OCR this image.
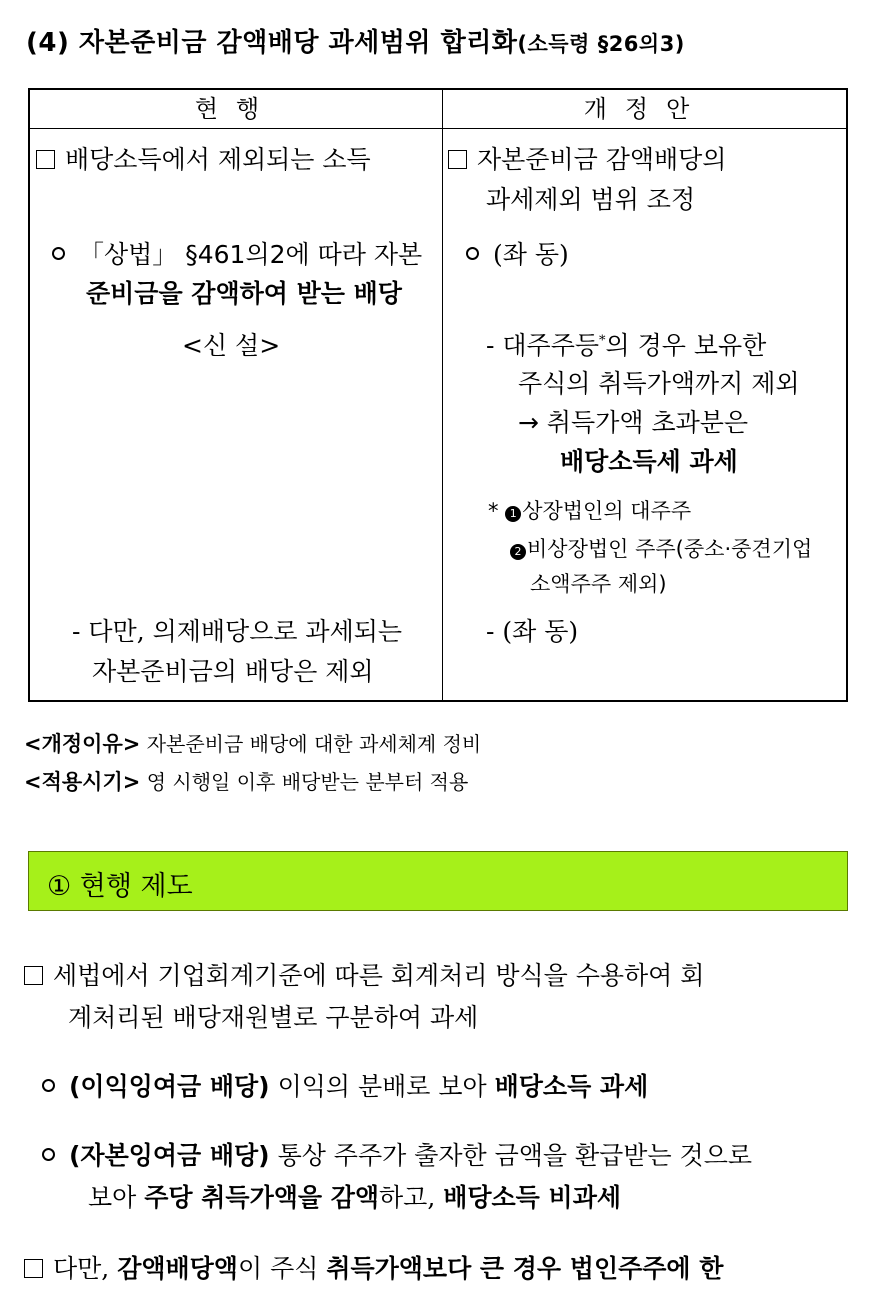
(4) 자본준비금 감액배당 과세범위 합리화(소득령 §26의3)
현행	개정안
배당소득에서 제외되는 소득
「상법」 §461의2에 따라 자본
준비금을 감액하여 받는 배당
<신 설>
- 다만, 의제배당으로 과세되는
자본준비금의 배당은 제외
자본준비금 감액배당의
과세제외 범위 조정
(좌 동)
- 대주주등*의 경우 보유한
주식의 취득가액까지 제외
→ 취득가액 초과분은
배당소득세 과세
* 1 상장법인의 대주주
2 비상장법인 주주(중소·중견기업
소액주주 제외)
- (좌 동)
<개정이유> 자본준비금 배당에 대한 과세체계 정비
<적용시기> 영 시행일 이후 배당받는 분부터 적용
① 현행 제도
세법에서 기업회계기준에 따른 회계처리 방식을 수용하여 회
계처리된 배당재원별로 구분하여 과세
(이익잉여금 배당) 이익의 분배로 보아 배당소득 과세
(자본잉여금 배당) 통상 주주가 출자한 금액을 환급받는 것으로
보아 주당 취득가액을 감액하고, 배당소득 비과세
다만, 감액배당액이 주식 취득가액보다 큰 경우 법인주주에 한
